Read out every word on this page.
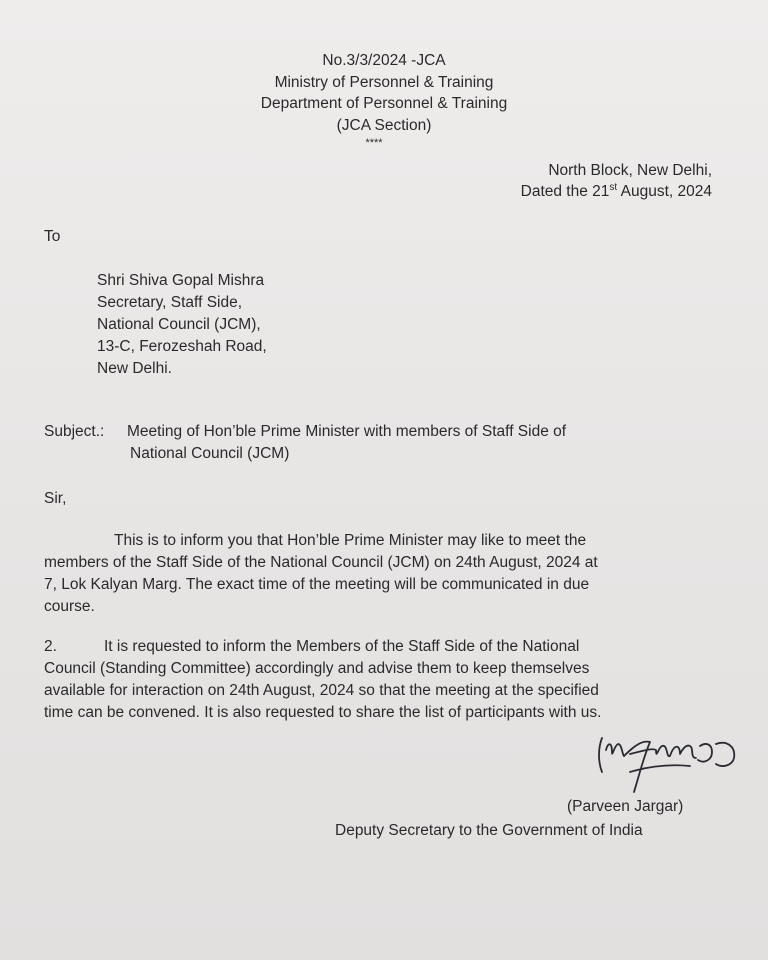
No.3/3/2024 -JCA
Ministry of Personnel & Training
Department of Personnel & Training
(JCA Section)
****
North Block, New Delhi,
Dated the 21st August, 2024
To
Shri Shiva Gopal Mishra
Secretary, Staff Side,
National Council (JCM),
13-C, Ferozeshah Road,
New Delhi.
Subject.: Meeting of Hon’ble Prime Minister with members of Staff Side of
National Council (JCM)
Sir,
This is to inform you that Hon’ble Prime Minister may like to meet the
members of the Staff Side of the National Council (JCM) on 24th August, 2024 at
7, Lok Kalyan Marg. The exact time of the meeting will be communicated in due
course.
2.	It is requested to inform the Members of the Staff Side of the National
Council (Standing Committee) accordingly and advise them to keep themselves
available for interaction on 24th August, 2024 so that the meeting at the specified
time can be convened. It is also requested to share the list of participants with us.
(Parveen Jargar)
Deputy Secretary to the Government of India
